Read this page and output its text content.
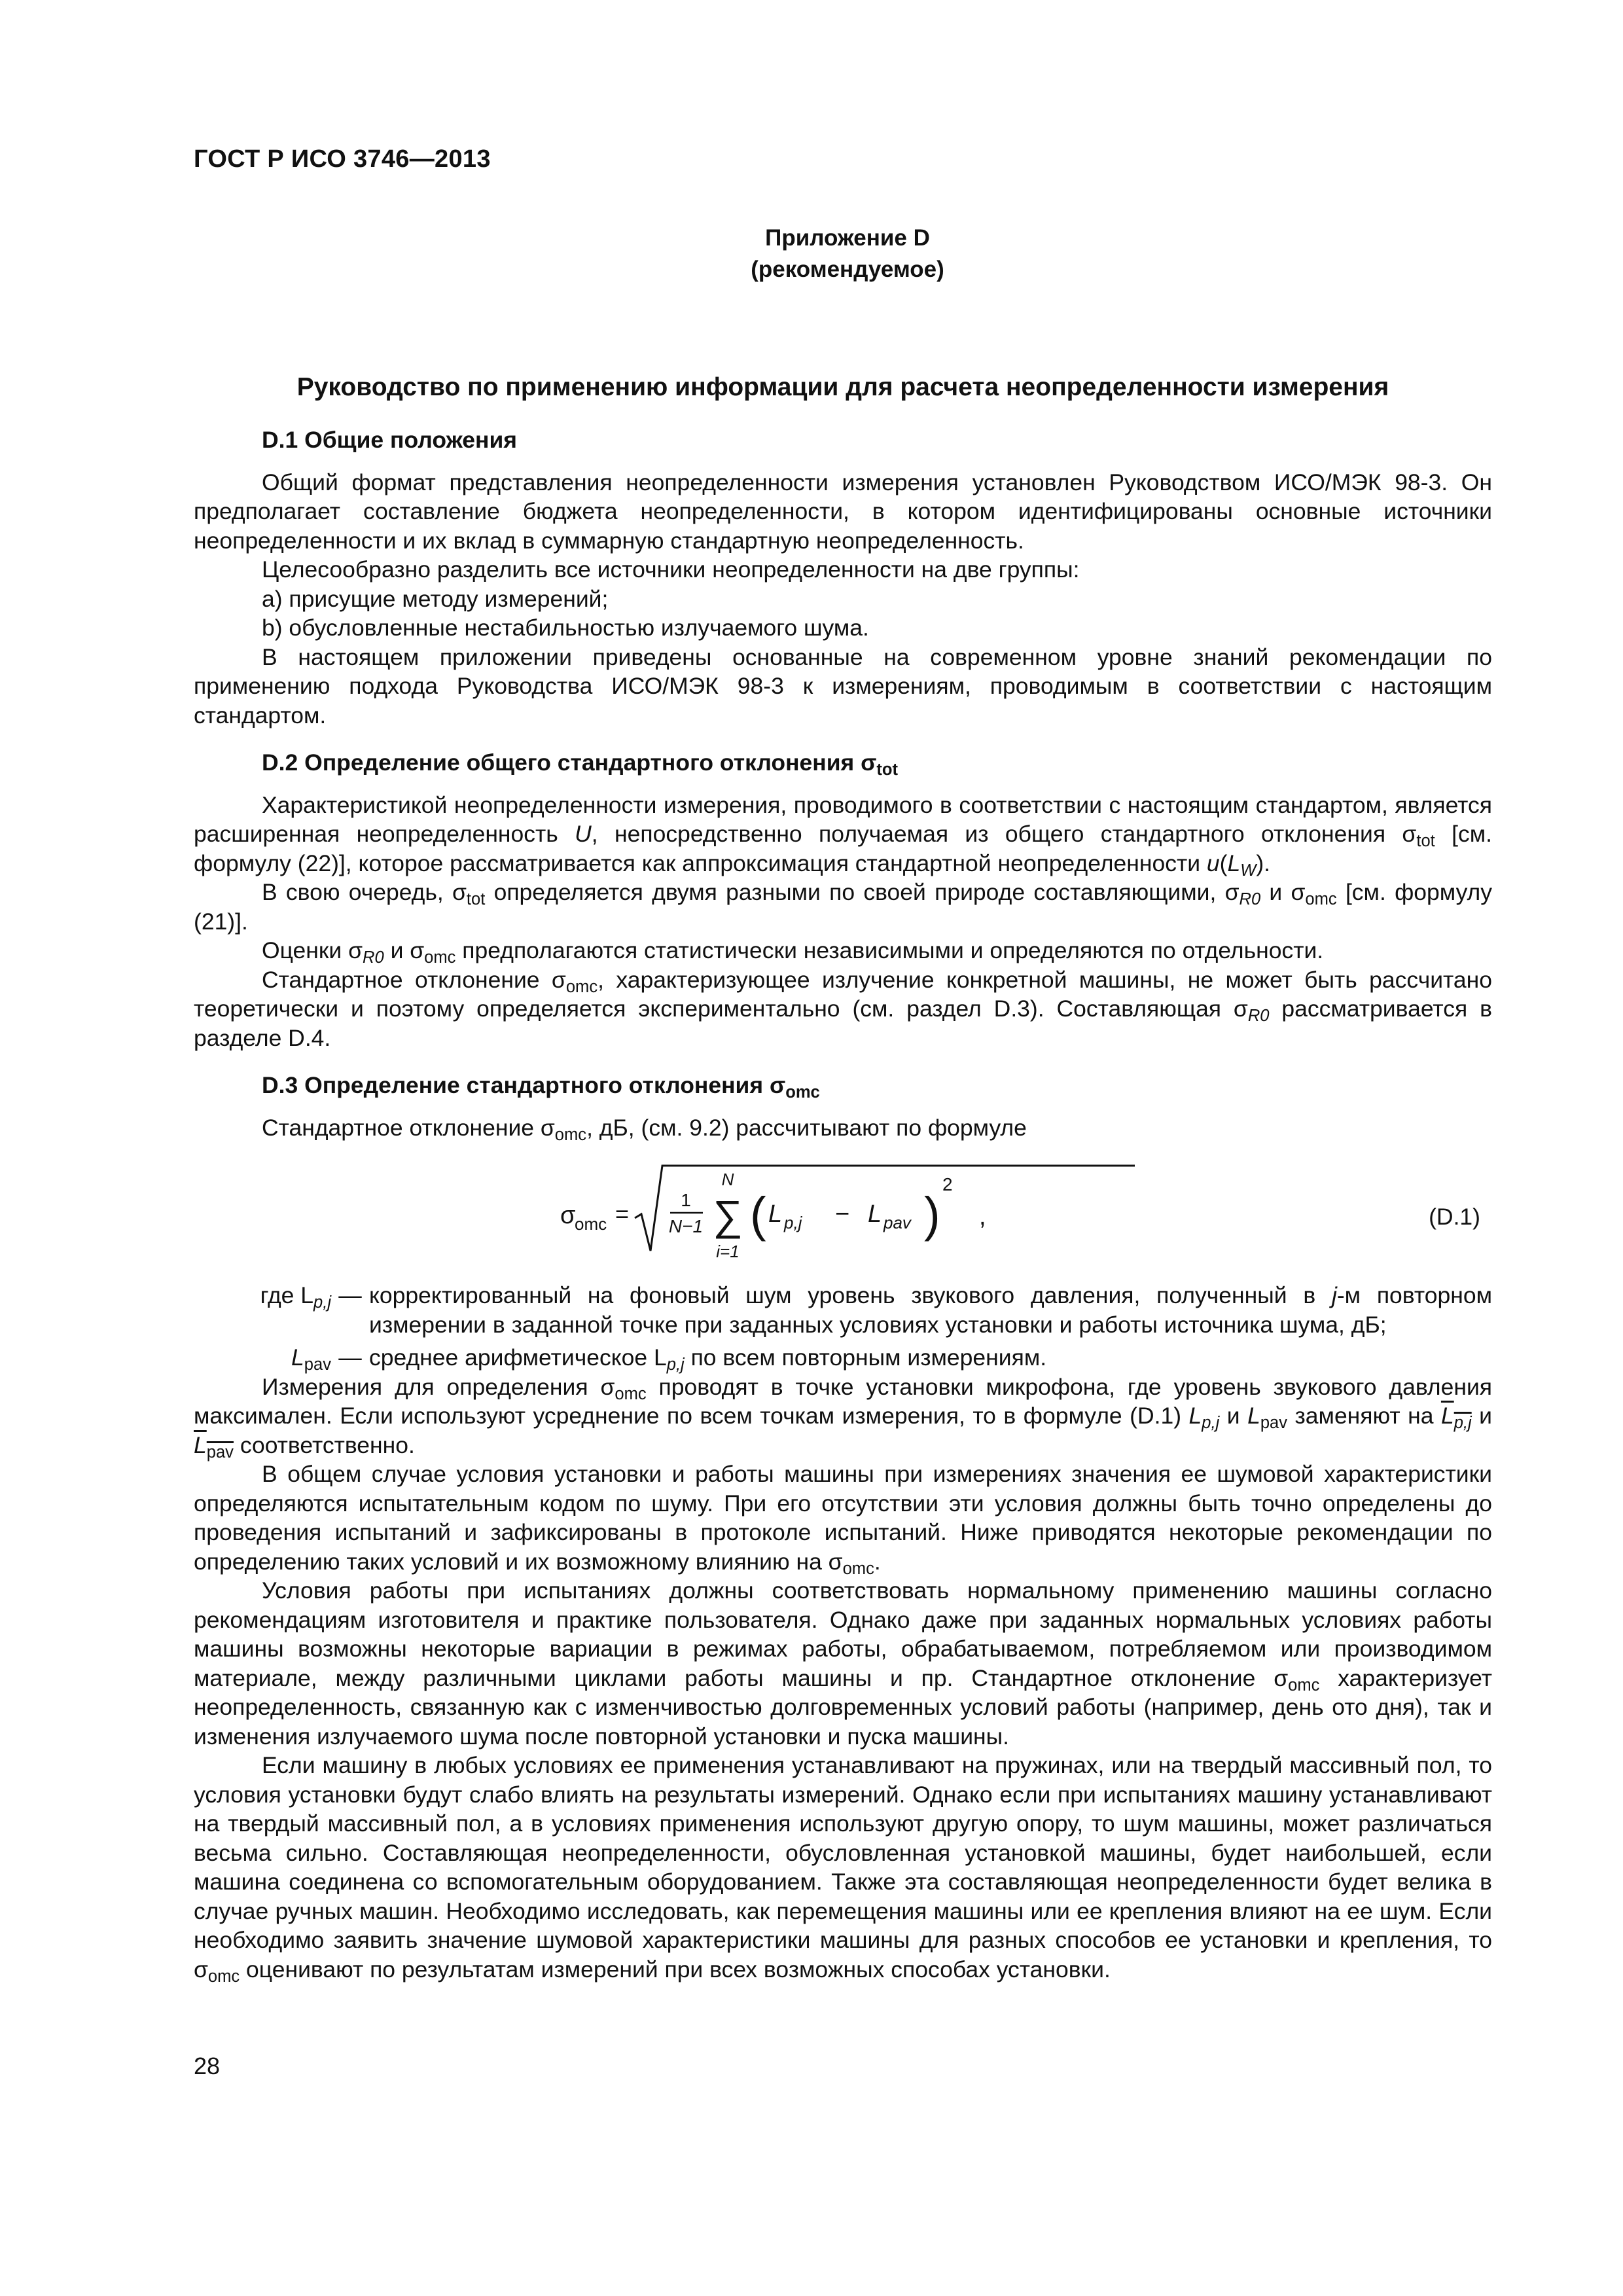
ГОСТ Р ИСО 3746—2013
Приложение D
(рекомендуемое)
Руководство по применению информации для расчета неопределенности измерения
D.1 Общие положения

Общий формат представления неопределенности измерения установлен Руководством ИСО/МЭК 98-3. Он предполагает составление бюджета неопределенности, в котором идентифицированы основные источники неопределенности и их вклад в суммарную стандартную неопределенность.

Целесообразно разделить все источники неопределенности на две группы:

a) присущие методу измерений;

b) обусловленные нестабильностью излучаемого шума.

В настоящем приложении приведены основанные на современном уровне знаний рекомендации по применению подхода Руководства ИСО/МЭК 98-3 к измерениям, проводимым в соответствии с настоящим стандартом.

D.2 Определение общего стандартного отклонения $\sigma_{tot}$

Характеристикой неопределенности измерения, проводимого в соответствии с настоящим стандартом, является расширенная неопределенность U, непосредственно получаемая из общего стандартного отклонения $\sigma_{tot}$ [см. формулу (22)], которое рассматривается как аппроксимация стандартной неопределенности $u(L_W)$.

В свою очередь, $\sigma_{tot}$ определяется двумя разными по своей природе составляющими, $\sigma_{R0}$ и $\sigma_{omc}$ [см. формулу (21)].

Оценки $\sigma_{R0}$ и $\sigma_{omc}$ предполагаются статистически независимыми и определяются по отдельности.

Стандартное отклонение $\sigma_{omc}$, характеризующее излучение конкретной машины, не может быть рассчитано теоретически и поэтому определяется экспериментально (см. раздел D.3). Составляющая $\sigma_{R0}$ рассматривается в разделе D.4.

D.3 Определение стандартного отклонения $\sigma_{omc}$

Стандартное отклонение $\sigma_{omc}$, дБ, (см. 9.2) рассчитывают по формуле

σ
omc =
1
N−1
N
∑
i=1
( L p,j − L pav )
2
,	(D.1)
где $L_{p,j}$ — корректированный на фоновый шум уровень звукового давления, полученный в j-м повторном измерении в заданной точке при заданных условиях установки и работы источника шума, дБ;
$L_{pav}$ — среднее арифметическое $L_{p,j}$ по всем повторным измерениям.

Измерения для определения $\sigma_{omc}$ проводят в точке установки микрофона, где уровень звукового давления максимален. Если используют усреднение по всем точкам измерения, то в формуле (D.1) $L_{p,j}$ и $L_{pav}$ заменяют на $L_{p,j}$ и $L_{pav}$ соответственно.

В общем случае условия установки и работы машины при измерениях значения ее шумовой характеристики определяются испытательным кодом по шуму. При его отсутствии эти условия должны быть точно определены до проведения испытаний и зафиксированы в протоколе испытаний. Ниже приводятся некоторые рекомендации по определению таких условий и их возможному влиянию на $\sigma_{omc}$.

Условия работы при испытаниях должны соответствовать нормальному применению машины согласно рекомендациям изготовителя и практике пользователя. Однако даже при заданных нормальных условиях работы машины возможны некоторые вариации в режимах работы, обрабатываемом, потребляемом или производимом материале, между различными циклами работы машины и пр. Стандартное отклонение $\sigma_{omc}$ характеризует неопределенность, связанную как с изменчивостью долговременных условий работы (например, день ото дня), так и изменения излучаемого шума после повторной установки и пуска машины.

Если машину в любых условиях ее применения устанавливают на пружинах, или на твердый массивный пол, то условия установки будут слабо влиять на результаты измерений. Однако если при испытаниях машину устанавливают на твердый массивный пол, а в условиях применения используют другую опору, то шум машины, может различаться весьма сильно. Составляющая неопределенности, обусловленная установкой машины, будет наибольшей, если машина соединена со вспомогательным оборудованием. Также эта составляющая неопределенности будет велика в случае ручных машин. Необходимо исследовать, как перемещения машины или ее крепления влияют на ее шум. Если необходимо заявить значение шумовой характеристики машины для разных способов ее установки и крепления, то $\sigma_{omc}$ оценивают по результатам измерений при всех возможных способах установки.

28
